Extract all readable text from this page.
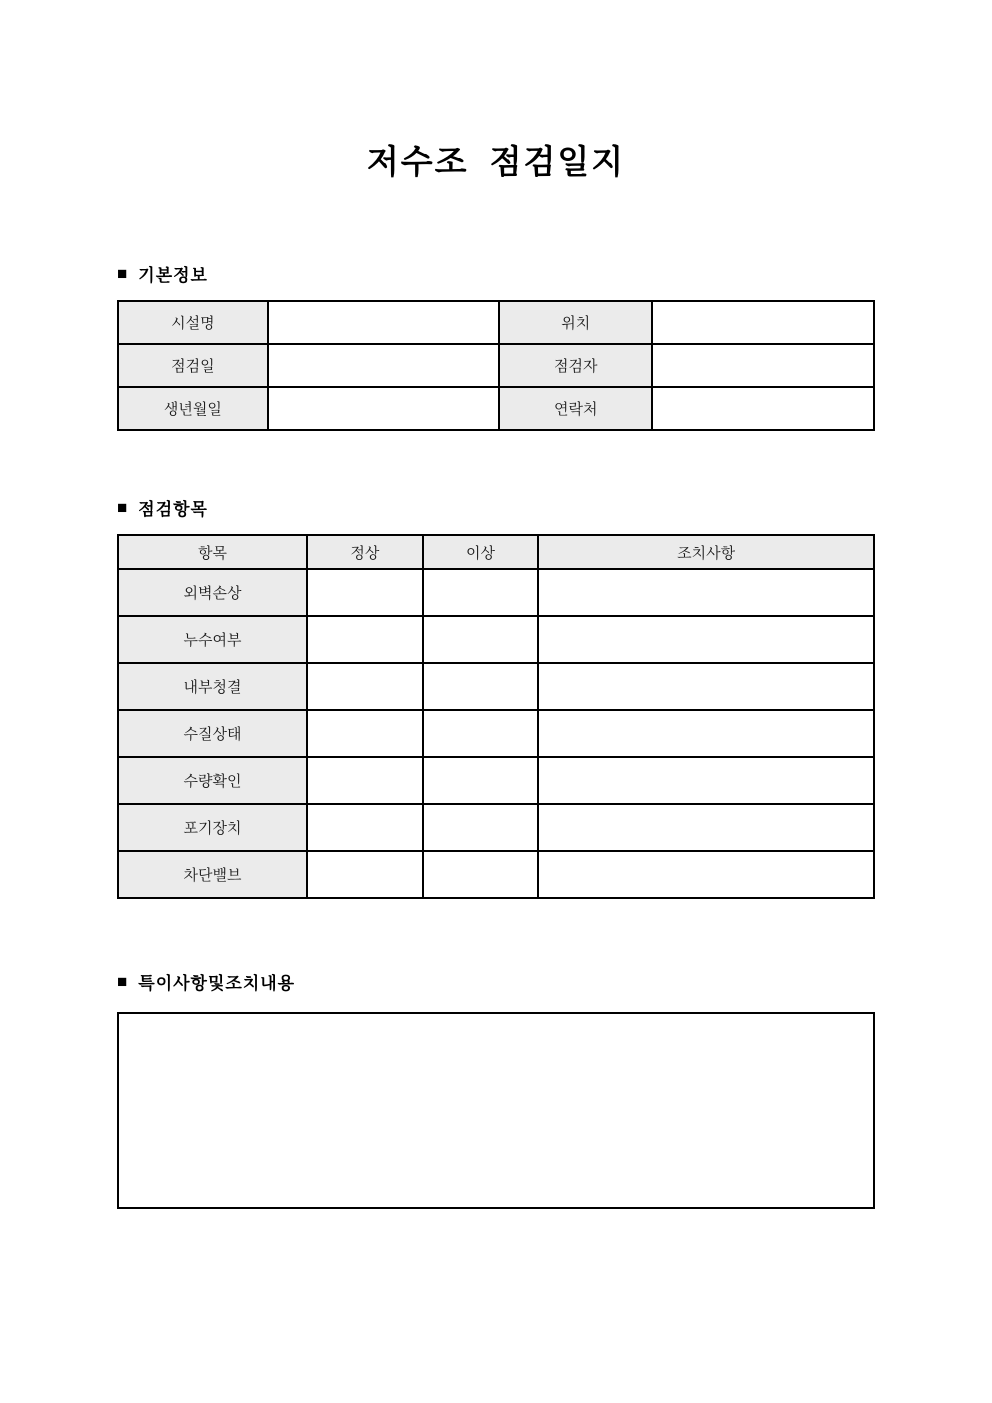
저수조 점검일지
■ 기본정보
시설명		위치	
점검일		점검자	
생년월일		연락처	
■ 점검항목
항목	정상	이상	조치사항
외벽손상			
누수여부			
내부청결			
수질상태			
수량확인			
포기장치			
차단밸브			
■ 특이사항및조치내용
